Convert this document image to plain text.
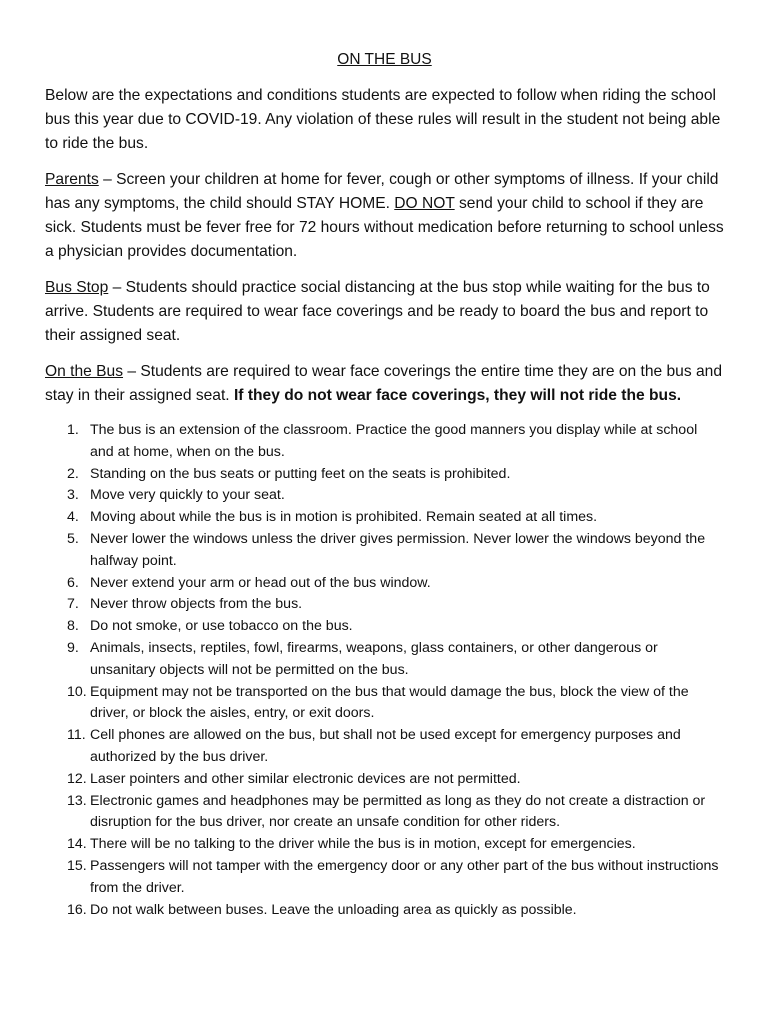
ON THE BUS

Below are the expectations and conditions students are expected to follow when riding the school bus this year due to COVID-19. Any violation of these rules will result in the student not being able to ride the bus.

Parents – Screen your children at home for fever, cough or other symptoms of illness. If your child has any symptoms, the child should STAY HOME. DO NOT send your child to school if they are sick. Students must be fever free for 72 hours without medication before returning to school unless a physician provides documentation.

Bus Stop – Students should practice social distancing at the bus stop while waiting for the bus to arrive. Students are required to wear face coverings and be ready to board the bus and report to their assigned seat.

On the Bus – Students are required to wear face coverings the entire time they are on the bus and stay in their assigned seat. If they do not wear face coverings, they will not ride the bus.

1. The bus is an extension of the classroom. Practice the good manners you display while at school and at home, when on the bus.
2. Standing on the bus seats or putting feet on the seats is prohibited.
3. Move very quickly to your seat.
4. Moving about while the bus is in motion is prohibited. Remain seated at all times.
5. Never lower the windows unless the driver gives permission. Never lower the windows beyond the halfway point.
6. Never extend your arm or head out of the bus window.
7. Never throw objects from the bus.
8. Do not smoke, or use tobacco on the bus.
9. Animals, insects, reptiles, fowl, firearms, weapons, glass containers, or other dangerous or unsanitary objects will not be permitted on the bus.
10. Equipment may not be transported on the bus that would damage the bus, block the view of the driver, or block the aisles, entry, or exit doors.
11. Cell phones are allowed on the bus, but shall not be used except for emergency purposes and authorized by the bus driver.
12. Laser pointers and other similar electronic devices are not permitted.
13. Electronic games and headphones may be permitted as long as they do not create a distraction or disruption for the bus driver, nor create an unsafe condition for other riders.
14. There will be no talking to the driver while the bus is in motion, except for emergencies.
15. Passengers will not tamper with the emergency door or any other part of the bus without instructions from the driver.
16. Do not walk between buses. Leave the unloading area as quickly as possible.
